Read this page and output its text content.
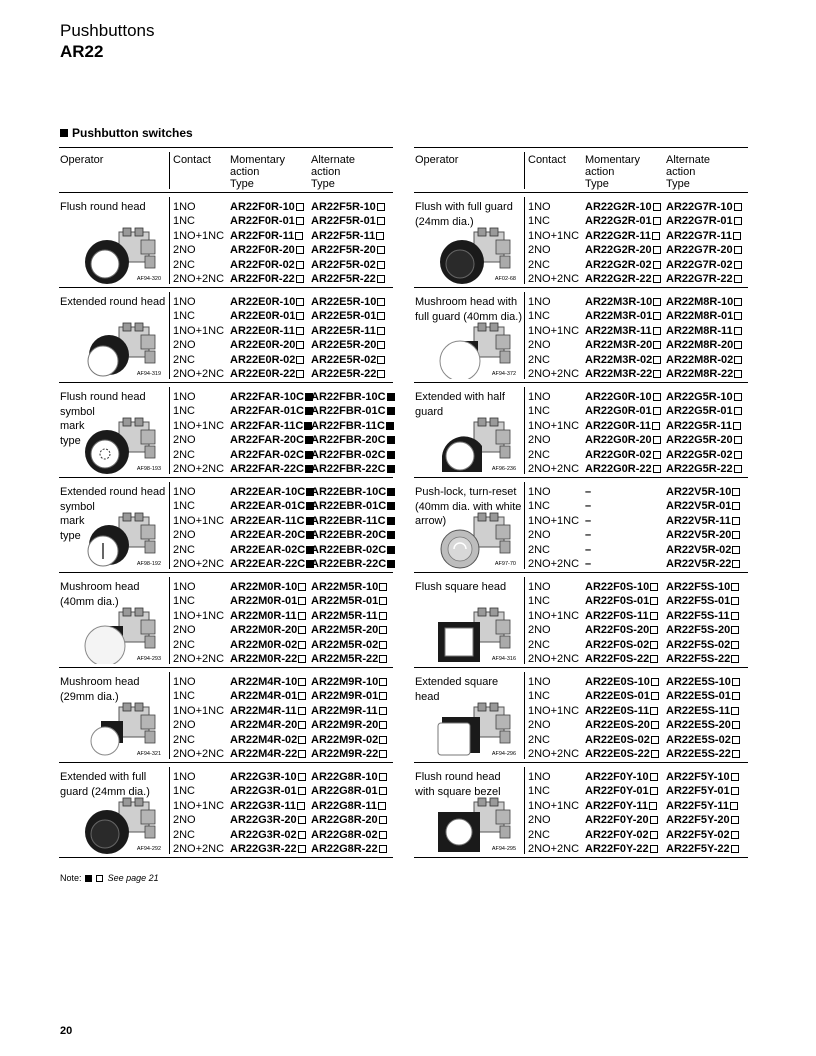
Pushbuttons
AR22
Pushbutton switches
Operator	Contact Momentary
action
Type
Alternate
action
Type
Flush round head
AF94-320
1NO	AR22F0R-10	AR22F5R-10
1NC	AR22F0R-01	AR22F5R-01
1NO+1NC AR22F0R-11	AR22F5R-11
2NO	AR22F0R-20	AR22F5R-20
2NC	AR22F0R-02	AR22F5R-02
2NO+2NC AR22F0R-22	AR22F5R-22
Extended round head
AF94-319
1NO	AR22E0R-10	AR22E5R-10
1NC	AR22E0R-01	AR22E5R-01
1NO+1NC AR22E0R-11	AR22E5R-11
2NO	AR22E0R-20	AR22E5R-20
2NC	AR22E0R-02	AR22E5R-02
2NO+2NC AR22E0R-22	AR22E5R-22
Flush round head
symbol
mark
type
AF98-193
1NO	AR22FAR-10C AR22FBR-10C
1NC	AR22FAR-01C AR22FBR-01C
1NO+1NC AR22FAR-11C AR22FBR-11C
2NO	AR22FAR-20C AR22FBR-20C
2NC	AR22FAR-02C AR22FBR-02C
2NO+2NC AR22FAR-22C AR22FBR-22C
Extended round head
symbol
mark
type
AF98-192
1NO	AR22EAR-10C AR22EBR-10C
1NC	AR22EAR-01C AR22EBR-01C
1NO+1NC AR22EAR-11C AR22EBR-11C
2NO	AR22EAR-20C AR22EBR-20C
2NC	AR22EAR-02C AR22EBR-02C
2NO+2NC AR22EAR-22C AR22EBR-22C
Mushroom head
(40mm dia.)
AF94-293
1NO	AR22M0R-10	AR22M5R-10
1NC	AR22M0R-01	AR22M5R-01
1NO+1NC AR22M0R-11	AR22M5R-11
2NO	AR22M0R-20	AR22M5R-20
2NC	AR22M0R-02	AR22M5R-02
2NO+2NC AR22M0R-22	AR22M5R-22
Mushroom head
(29mm dia.)
AF94-321
1NO	AR22M4R-10	AR22M9R-10
1NC	AR22M4R-01	AR22M9R-01
1NO+1NC AR22M4R-11	AR22M9R-11
2NO	AR22M4R-20	AR22M9R-20
2NC	AR22M4R-02	AR22M9R-02
2NO+2NC AR22M4R-22	AR22M9R-22
Extended with full
guard (24mm dia.)
AF94-292
1NO	AR22G3R-10	AR22G8R-10
1NC	AR22G3R-01	AR22G8R-01
1NO+1NC AR22G3R-11	AR22G8R-11
2NO	AR22G3R-20	AR22G8R-20
2NC	AR22G3R-02	AR22G8R-02
2NO+2NC AR22G3R-22	AR22G8R-22
Operator	Contact Momentary
action
Type
Alternate
action
Type
Flush with full guard
(24mm dia.)
AF02-68
1NO	AR22G2R-10	AR22G7R-10
1NC	AR22G2R-01	AR22G7R-01
1NO+1NC AR22G2R-11	AR22G7R-11
2NO	AR22G2R-20	AR22G7R-20
2NC	AR22G2R-02	AR22G7R-02
2NO+2NC AR22G2R-22	AR22G7R-22
Mushroom head with
full guard (40mm dia.)
AF94-372
1NO	AR22M3R-10	AR22M8R-10
1NC	AR22M3R-01	AR22M8R-01
1NO+1NC AR22M3R-11	AR22M8R-11
2NO	AR22M3R-20	AR22M8R-20
2NC	AR22M3R-02	AR22M8R-02
2NO+2NC AR22M3R-22	AR22M8R-22
Extended with half
guard
AF96-236
1NO	AR22G0R-10	AR22G5R-10
1NC	AR22G0R-01	AR22G5R-01
1NO+1NC AR22G0R-11	AR22G5R-11
2NO	AR22G0R-20	AR22G5R-20
2NC	AR22G0R-02	AR22G5R-02
2NO+2NC AR22G0R-22	AR22G5R-22
Push-lock, turn-reset
(40mm dia. with white
arrow)
AF97-70
1NO	–	AR22V5R-10
1NC	–	AR22V5R-01
1NO+1NC –	AR22V5R-11
2NO	–	AR22V5R-20
2NC	–	AR22V5R-02
2NO+2NC –	AR22V5R-22
Flush square head
AF94-316
1NO	AR22F0S-10	AR22F5S-10
1NC	AR22F0S-01	AR22F5S-01
1NO+1NC AR22F0S-11	AR22F5S-11
2NO	AR22F0S-20	AR22F5S-20
2NC	AR22F0S-02	AR22F5S-02
2NO+2NC AR22F0S-22	AR22F5S-22
Extended square head
AF94-296
1NO	AR22E0S-10	AR22E5S-10
1NC	AR22E0S-01	AR22E5S-01
1NO+1NC AR22E0S-11	AR22E5S-11
2NO	AR22E0S-20	AR22E5S-20
2NC	AR22E0S-02	AR22E5S-02
2NO+2NC AR22E0S-22	AR22E5S-22
Flush round head
with square bezel
AF94-295
1NO	AR22F0Y-10	AR22F5Y-10
1NC	AR22F0Y-01	AR22F5Y-01
1NO+1NC AR22F0Y-11	AR22F5Y-11
2NO	AR22F0Y-20	AR22F5Y-20
2NC	AR22F0Y-02	AR22F5Y-02
2NO+2NC AR22F0Y-22	AR22F5Y-22
Note:	See page 21
20
